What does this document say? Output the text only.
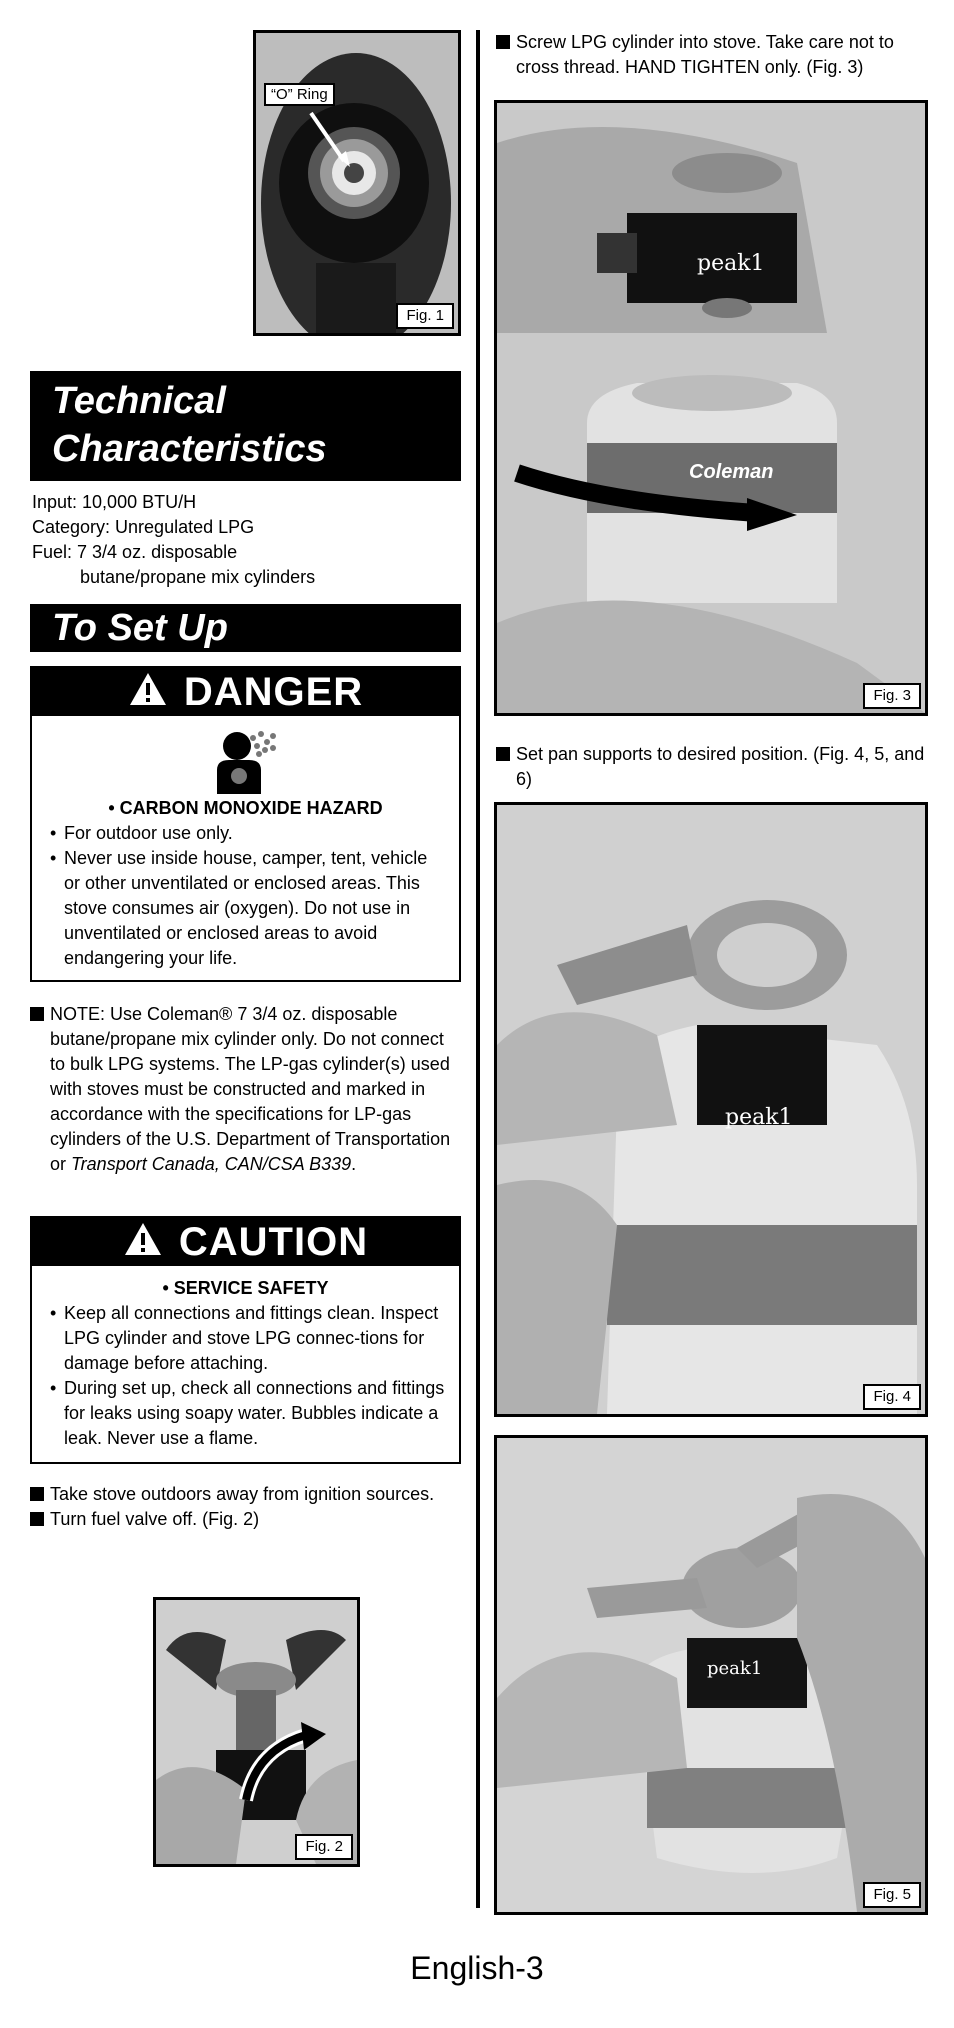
“O” Ring
Fig. 1
Technical
Characteristics

Input: 10,000 BTU/H

Category: Unregulated LPG

Fuel: 7 3/4 oz. disposable

butane/propane mix cylinders

To Set Up
DANGER

• CARBON MONOXIDE HAZARD

• For outdoor use only.

• Never use inside house, camper, tent, vehicle or other unventilated or enclosed areas. This stove consumes air (oxygen). Do not use in unventilated or enclosed areas to avoid endangering your life.

NOTE: Use Coleman® 7 3/4 oz. disposable butane/propane mix cylinder only. Do not connect to bulk LPG systems. The LP-gas cylinder(s) used with stoves must be constructed and marked in accordance with the specifications for LP-gas cylinders of the U.S. Department of Transportation or Transport Canada, CAN/CSA B339.

CAUTION

• SERVICE SAFETY

• Keep all connections and fittings clean. Inspect LPG cylinder and stove LPG connec-tions for damage before attaching.

• During set up, check all connections and fittings for leaks using soapy water. Bubbles indicate a leak. Never use a flame.

Take stove outdoors away from ignition sources.

Turn fuel valve off. (Fig. 2)

Fig. 2

Screw LPG cylinder into stove. Take care not to cross thread. HAND TIGHTEN only. (Fig. 3)

peak1
Coleman
Fig. 3

Set pan supports to desired position. (Fig. 4, 5, and 6)

peak1
Fig. 4
peak1
Fig. 5
English-3
